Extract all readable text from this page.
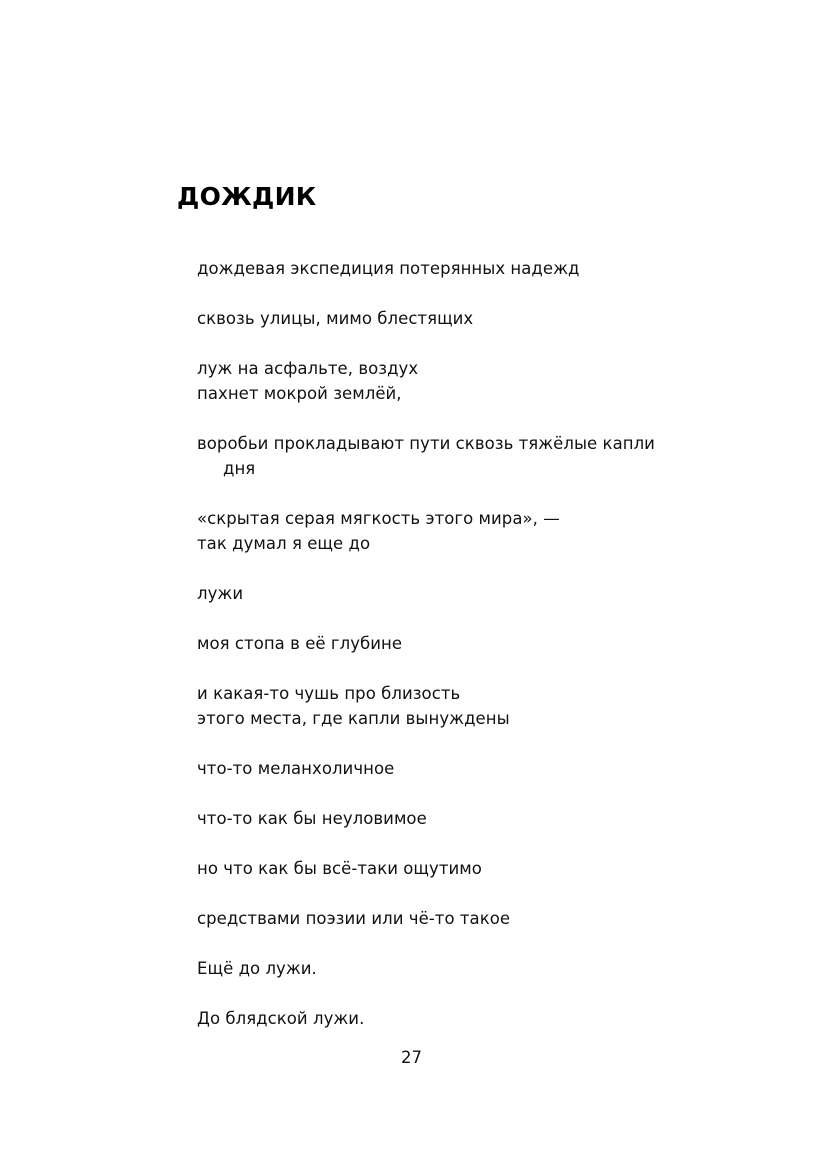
ДОЖДИК
дождевая экспедиция потерянных надежд
сквозь улицы, мимо блестящих
луж на асфальте, воздух
пахнет мокрой землёй,
воробьи прокладывают пути сквозь тяжёлые капли
дня
«скрытая серая мягкость этого мира», —
так думал я еще до
лужи
моя стопа в её глубине
и какая-то чушь про близость
этого места, где капли вынуждены
что-то меланхоличное
что-то как бы неуловимое
но что как бы всё-таки ощутимо
средствами поэзии или чё-то такое
Ещё до лужи.
До блядской лужи.
27
